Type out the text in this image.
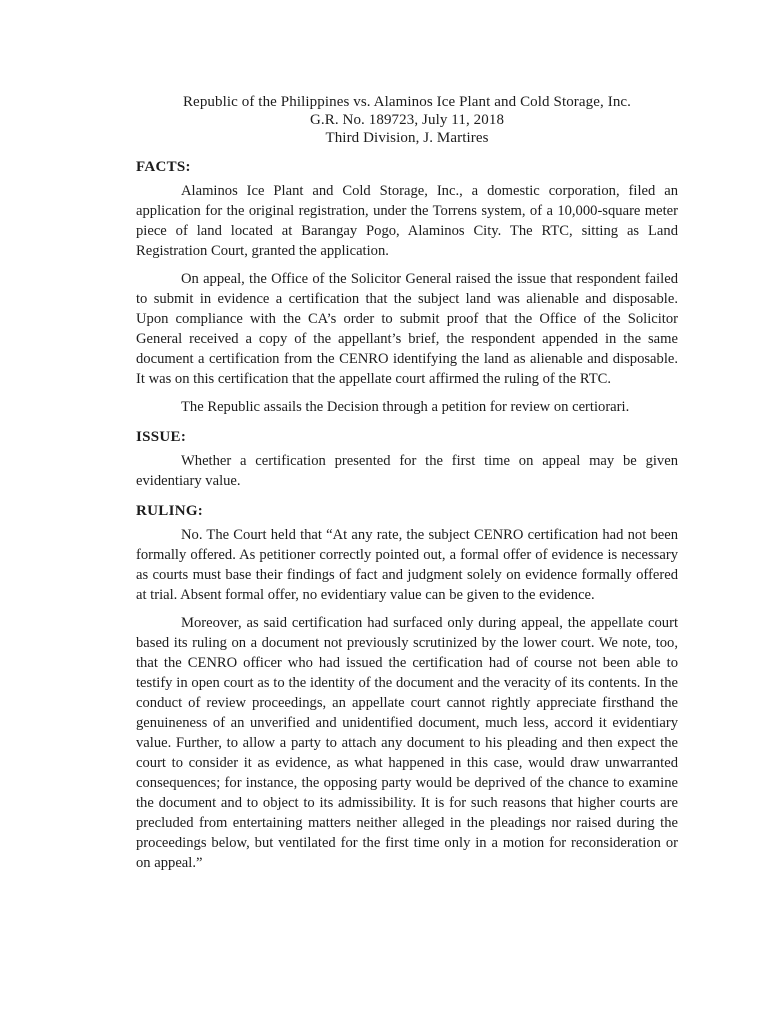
Republic of the Philippines vs. Alaminos Ice Plant and Cold Storage, Inc.
G.R. No. 189723, July 11, 2018
Third Division, J. Martires
FACTS:

Alaminos Ice Plant and Cold Storage, Inc., a domestic corporation, filed an application for the original registration, under the Torrens system, of a 10,000-square meter piece of land located at Barangay Pogo, Alaminos City. The RTC, sitting as Land Registration Court, granted the application.

On appeal, the Office of the Solicitor General raised the issue that respondent failed to submit in evidence a certification that the subject land was alienable and disposable. Upon compliance with the CA’s order to submit proof that the Office of the Solicitor General received a copy of the appellant’s brief, the respondent appended in the same document a certification from the CENRO identifying the land as alienable and disposable. It was on this certification that the appellate court affirmed the ruling of the RTC.

The Republic assails the Decision through a petition for review on certiorari.

ISSUE:

Whether a certification presented for the first time on appeal may be given evidentiary value.

RULING:

No. The Court held that “At any rate, the subject CENRO certification had not been formally offered. As petitioner correctly pointed out, a formal offer of evidence is necessary as courts must base their findings of fact and judgment solely on evidence formally offered at trial. Absent formal offer, no evidentiary value can be given to the evidence.

Moreover, as said certification had surfaced only during appeal, the appellate court based its ruling on a document not previously scrutinized by the lower court. We note, too, that the CENRO officer who had issued the certification had of course not been able to testify in open court as to the identity of the document and the veracity of its contents. In the conduct of review proceedings, an appellate court cannot rightly appreciate firsthand the genuineness of an unverified and unidentified document, much less, accord it evidentiary value. Further, to allow a party to attach any document to his pleading and then expect the court to consider it as evidence, as what happened in this case, would draw unwarranted consequences; for instance, the opposing party would be deprived of the chance to examine the document and to object to its admissibility. It is for such reasons that higher courts are precluded from entertaining matters neither alleged in the pleadings nor raised during the proceedings below, but ventilated for the first time only in a motion for reconsideration or on appeal.”
